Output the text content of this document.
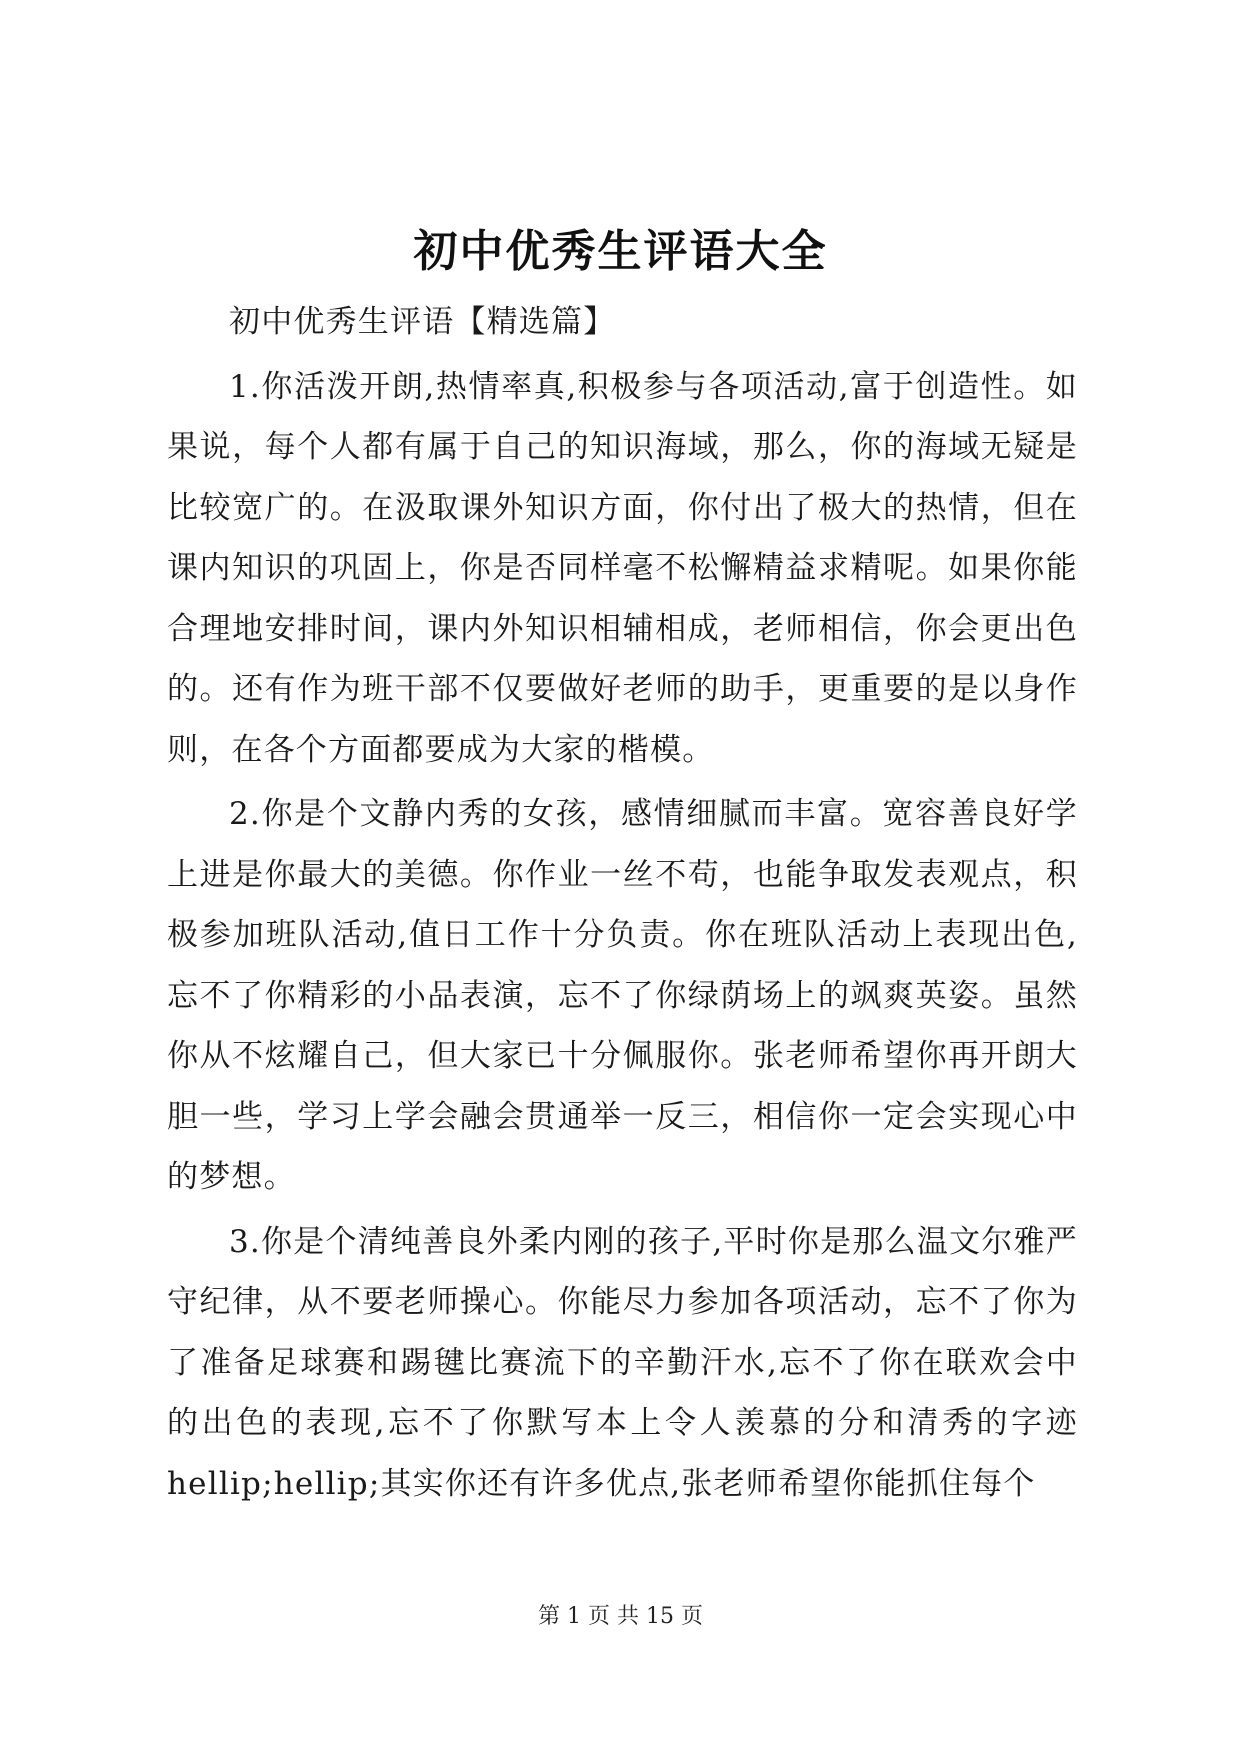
初中优秀生评语大全

初中优秀生评语【精选篇】

1.你活泼开朗,热情率真,积极参与各项活动,富于创造性。如果说，每个人都有属于自己的知识海域，那么，你的海域无疑是比较宽广的。在汲取课外知识方面，你付出了极大的热情，但在课内知识的巩固上，你是否同样毫不松懈精益求精呢。如果你能合理地安排时间，课内外知识相辅相成，老师相信，你会更出色的。还有作为班干部不仅要做好老师的助手，更重要的是以身作则，在各个方面都要成为大家的楷模。

2.你是个文静内秀的女孩，感情细腻而丰富。宽容善良好学上进是你最大的美德。你作业一丝不苟，也能争取发表观点，积极参加班队活动,值日工作十分负责。你在班队活动上表现出色,忘不了你精彩的小品表演，忘不了你绿荫场上的飒爽英姿。虽然你从不炫耀自己，但大家已十分佩服你。张老师希望你再开朗大胆一些，学习上学会融会贯通举一反三，相信你一定会实现心中的梦想。

3.你是个清纯善良外柔内刚的孩子,平时你是那么温文尔雅严守纪律，从不要老师操心。你能尽力参加各项活动，忘不了你为了准备足球赛和踢毽比赛流下的辛勤汗水,忘不了你在联欢会中的出色的表现,忘不了你默写本上令人羡慕的分和清秀的字迹hellip;hellip;其实你还有许多优点,张老师希望你能抓住每个

第 1 页 共 15 页
